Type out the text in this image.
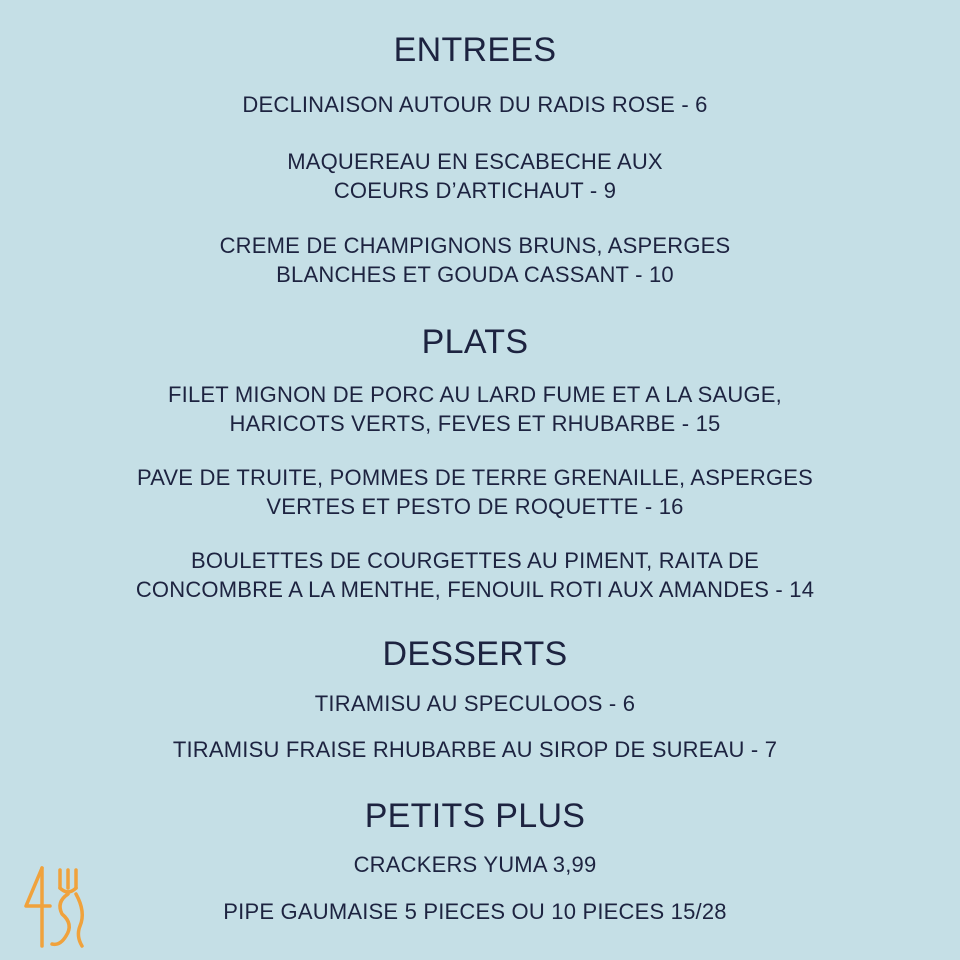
ENTREES
DECLINAISON AUTOUR DU RADIS ROSE - 6
MAQUEREAU EN ESCABECHE AUX
COEURS D’ARTICHAUT - 9
CREME DE CHAMPIGNONS BRUNS, ASPERGES
BLANCHES ET GOUDA CASSANT - 10
PLATS
FILET MIGNON DE PORC AU LARD FUME ET A LA SAUGE,
HARICOTS VERTS, FEVES ET RHUBARBE - 15
PAVE DE TRUITE, POMMES DE TERRE GRENAILLE, ASPERGES
VERTES ET PESTO DE ROQUETTE - 16
BOULETTES DE COURGETTES AU PIMENT, RAITA DE
CONCOMBRE A LA MENTHE, FENOUIL ROTI AUX AMANDES - 14
DESSERTS
TIRAMISU AU SPECULOOS - 6
TIRAMISU FRAISE RHUBARBE AU SIROP DE SUREAU - 7
PETITS PLUS
CRACKERS YUMA 3,99
PIPE GAUMAISE 5 PIECES OU 10 PIECES 15/28
